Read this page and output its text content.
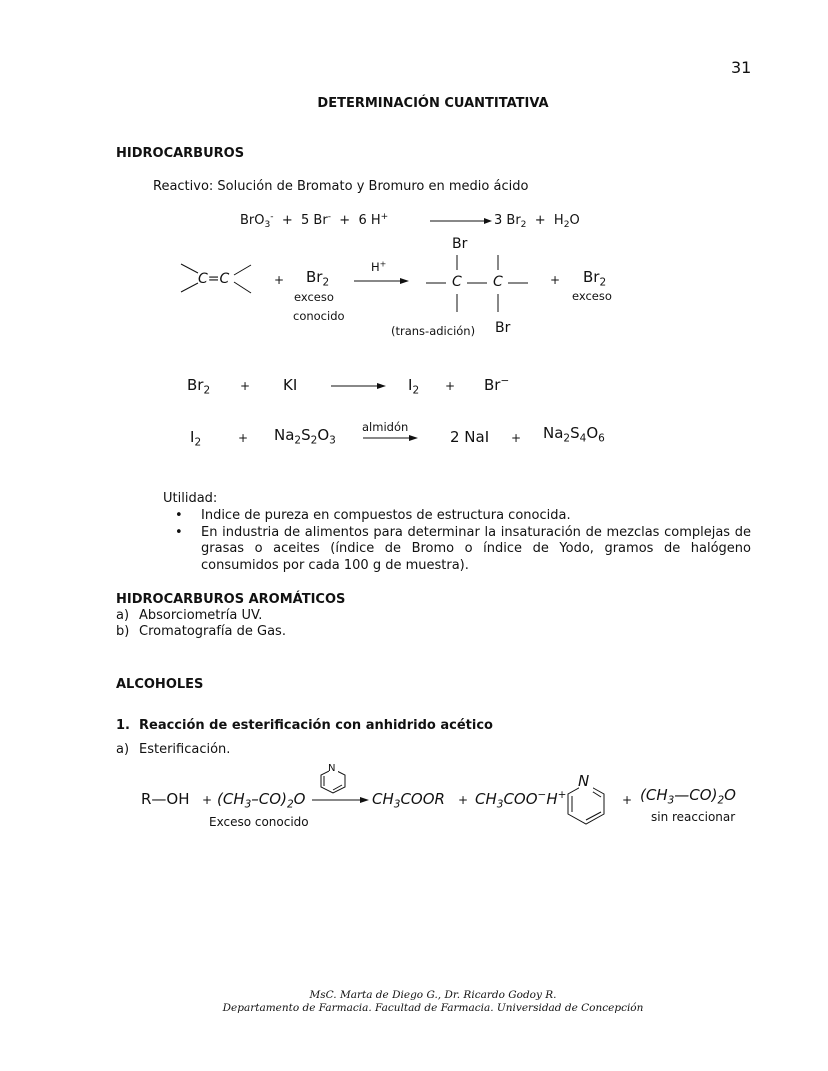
31
DETERMINACIÓN CUANTITATIVA
HIDROCARBUROS
Reactivo: Solución de Bromato y Bromuro en medio ácido
BrO$_3$- + 5 Br- + 6 H+	→ 3 $Br_2 + H_2O$
C=C	+ $Br_2$
exceso
conocido
H+
Br
C C
(trans-adición) Br
+ $Br_2$
exceso
$Br_2$ + KI → $I_2 + Br^-$
$I_2$	+ $Na_2S_2O_3$
almidón
2 NaI + $Na_2S_4O_6$
Utilidad:
• Indice de pureza en compuestos de estructura conocida.
• En industria de alimentos para determinar la insaturación de mezclas complejas de grasas o aceites (índice de Bromo o índice de Yodo, gramos de halógeno consumidos por cada 100 g de muestra).
HIDROCARBUROS AROMÁTICOS
a) Absorciometría UV.
b) Cromatografía de Gas.
ALCOHOLES
1. Reacción de esterificación con anhidrido acético
a) Esterificación.
R—OH + $(CH_3-CO)_2O$
Exceso conocido
N
→ $CH_3COOR + CH_3COO^-H^+$
N
+ $(CH_3—CO)_2O$
sin reaccionar
MsC. Marta de Diego G., Dr. Ricardo Godoy R.
Departamento de Farmacia. Facultad de Farmacia. Universidad de Concepción
